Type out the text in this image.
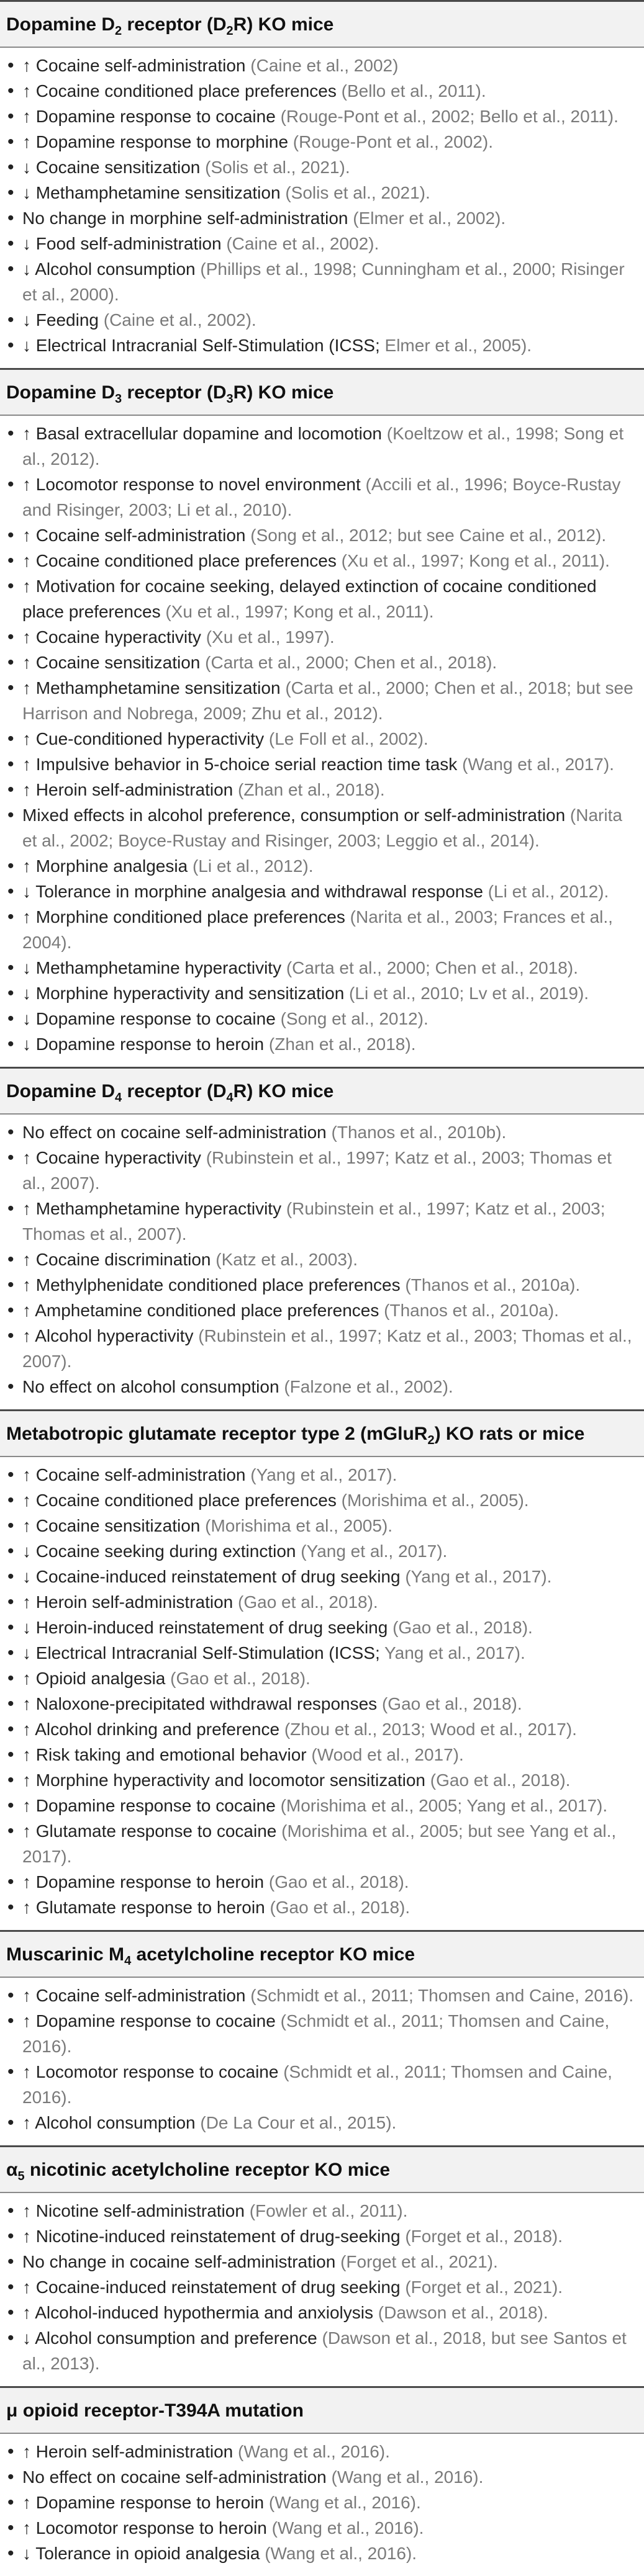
Dopamine $D_2$ receptor $(D_2R)$ KO mice
• ↑ Cocaine self-administration (Caine et al., 2002)
• ↑ Cocaine conditioned place preferences (Bello et al., 2011).
• ↑ Dopamine response to cocaine (Rouge-Pont et al., 2002; Bello et al., 2011).
• ↑ Dopamine response to morphine (Rouge-Pont et al., 2002).
• ↓ Cocaine sensitization (Solis et al., 2021).
• ↓ Methamphetamine sensitization (Solis et al., 2021).
• No change in morphine self-administration (Elmer et al., 2002).
• ↓ Food self-administration (Caine et al., 2002).
• ↓ Alcohol consumption (Phillips et al., 1998; Cunningham et al., 2000; Risinger et al., 2000).
• ↓ Feeding (Caine et al., 2002).
• ↓ Electrical Intracranial Self-Stimulation (ICSS; Elmer et al., 2005).
Dopamine $D_3$ receptor $(D_3R)$ KO mice
• ↑ Basal extracellular dopamine and locomotion (Koeltzow et al., 1998; Song et al., 2012).
• ↑ Locomotor response to novel environment (Accili et al., 1996; Boyce-Rustay and Risinger, 2003; Li et al., 2010).
• ↑ Cocaine self-administration (Song et al., 2012; but see Caine et al., 2012).
• ↑ Cocaine conditioned place preferences (Xu et al., 1997; Kong et al., 2011).
• ↑ Motivation for cocaine seeking, delayed extinction of cocaine conditioned place preferences (Xu et al., 1997; Kong et al., 2011).
• ↑ Cocaine hyperactivity (Xu et al., 1997).
• ↑ Cocaine sensitization (Carta et al., 2000; Chen et al., 2018).
• ↑ Methamphetamine sensitization (Carta et al., 2000; Chen et al., 2018; but see Harrison and Nobrega, 2009; Zhu et al., 2012).
• ↑ Cue-conditioned hyperactivity (Le Foll et al., 2002).
• ↑ Impulsive behavior in 5-choice serial reaction time task (Wang et al., 2017).
• ↑ Heroin self-administration (Zhan et al., 2018).
• Mixed effects in alcohol preference, consumption or self-administration (Narita et al., 2002; Boyce-Rustay and Risinger, 2003; Leggio et al., 2014).
• ↑ Morphine analgesia (Li et al., 2012).
• ↓ Tolerance in morphine analgesia and withdrawal response (Li et al., 2012).
• ↑ Morphine conditioned place preferences (Narita et al., 2003; Frances et al., 2004).
• ↓ Methamphetamine hyperactivity (Carta et al., 2000; Chen et al., 2018).
• ↓ Morphine hyperactivity and sensitization (Li et al., 2010; Lv et al., 2019).
• ↓ Dopamine response to cocaine (Song et al., 2012).
• ↓ Dopamine response to heroin (Zhan et al., 2018).
Dopamine $D_4$ receptor $(D_4R)$ KO mice
• No effect on cocaine self-administration (Thanos et al., 2010b).
• ↑ Cocaine hyperactivity (Rubinstein et al., 1997; Katz et al., 2003; Thomas et al., 2007).
• ↑ Methamphetamine hyperactivity (Rubinstein et al., 1997; Katz et al., 2003; Thomas et al., 2007).
• ↑ Cocaine discrimination (Katz et al., 2003).
• ↑ Methylphenidate conditioned place preferences (Thanos et al., 2010a).
• ↑ Amphetamine conditioned place preferences (Thanos et al., 2010a).
• ↑ Alcohol hyperactivity (Rubinstein et al., 1997; Katz et al., 2003; Thomas et al., 2007).
• No effect on alcohol consumption (Falzone et al., 2002).
Metabotropic glutamate receptor type 2 (mGluR$_2$) KO rats or mice
• ↑ Cocaine self-administration (Yang et al., 2017).
• ↑ Cocaine conditioned place preferences (Morishima et al., 2005).
• ↑ Cocaine sensitization (Morishima et al., 2005).
• ↓ Cocaine seeking during extinction (Yang et al., 2017).
• ↓ Cocaine-induced reinstatement of drug seeking (Yang et al., 2017).
• ↑ Heroin self-administration (Gao et al., 2018).
• ↓ Heroin-induced reinstatement of drug seeking (Gao et al., 2018).
• ↓ Electrical Intracranial Self-Stimulation (ICSS; Yang et al., 2017).
• ↑ Opioid analgesia (Gao et al., 2018).
• ↑ Naloxone-precipitated withdrawal responses (Gao et al., 2018).
• ↑ Alcohol drinking and preference (Zhou et al., 2013; Wood et al., 2017).
• ↑ Risk taking and emotional behavior (Wood et al., 2017).
• ↑ Morphine hyperactivity and locomotor sensitization (Gao et al., 2018).
• ↑ Dopamine response to cocaine (Morishima et al., 2005; Yang et al., 2017).
• ↑ Glutamate response to cocaine (Morishima et al., 2005; but see Yang et al., 2017).
• ↑ Dopamine response to heroin (Gao et al., 2018).
• ↑ Glutamate response to heroin (Gao et al., 2018).
Muscarinic $M_4$ acetylcholine receptor KO mice
• ↑ Cocaine self-administration (Schmidt et al., 2011; Thomsen and Caine, 2016).
• ↑ Dopamine response to cocaine (Schmidt et al., 2011; Thomsen and Caine, 2016).
• ↑ Locomotor response to cocaine (Schmidt et al., 2011; Thomsen and Caine, 2016).
• ↑ Alcohol consumption (De La Cour et al., 2015).
$\alpha_5$ nicotinic acetylcholine receptor KO mice
• ↑ Nicotine self-administration (Fowler et al., 2011).
• ↑ Nicotine-induced reinstatement of drug-seeking (Forget et al., 2018).
• No change in cocaine self-administration (Forget et al., 2021).
• ↑ Cocaine-induced reinstatement of drug seeking (Forget et al., 2021).
• ↑ Alcohol-induced hypothermia and anxiolysis (Dawson et al., 2018).
• ↓ Alcohol consumption and preference (Dawson et al., 2018, but see Santos et al., 2013).
μ opioid receptor-T394A mutation
• ↑ Heroin self-administration (Wang et al., 2016).
• No effect on cocaine self-administration (Wang et al., 2016).
• ↑ Dopamine response to heroin (Wang et al., 2016).
• ↑ Locomotor response to heroin (Wang et al., 2016).
• ↓ Tolerance in opioid analgesia (Wang et al., 2016).
